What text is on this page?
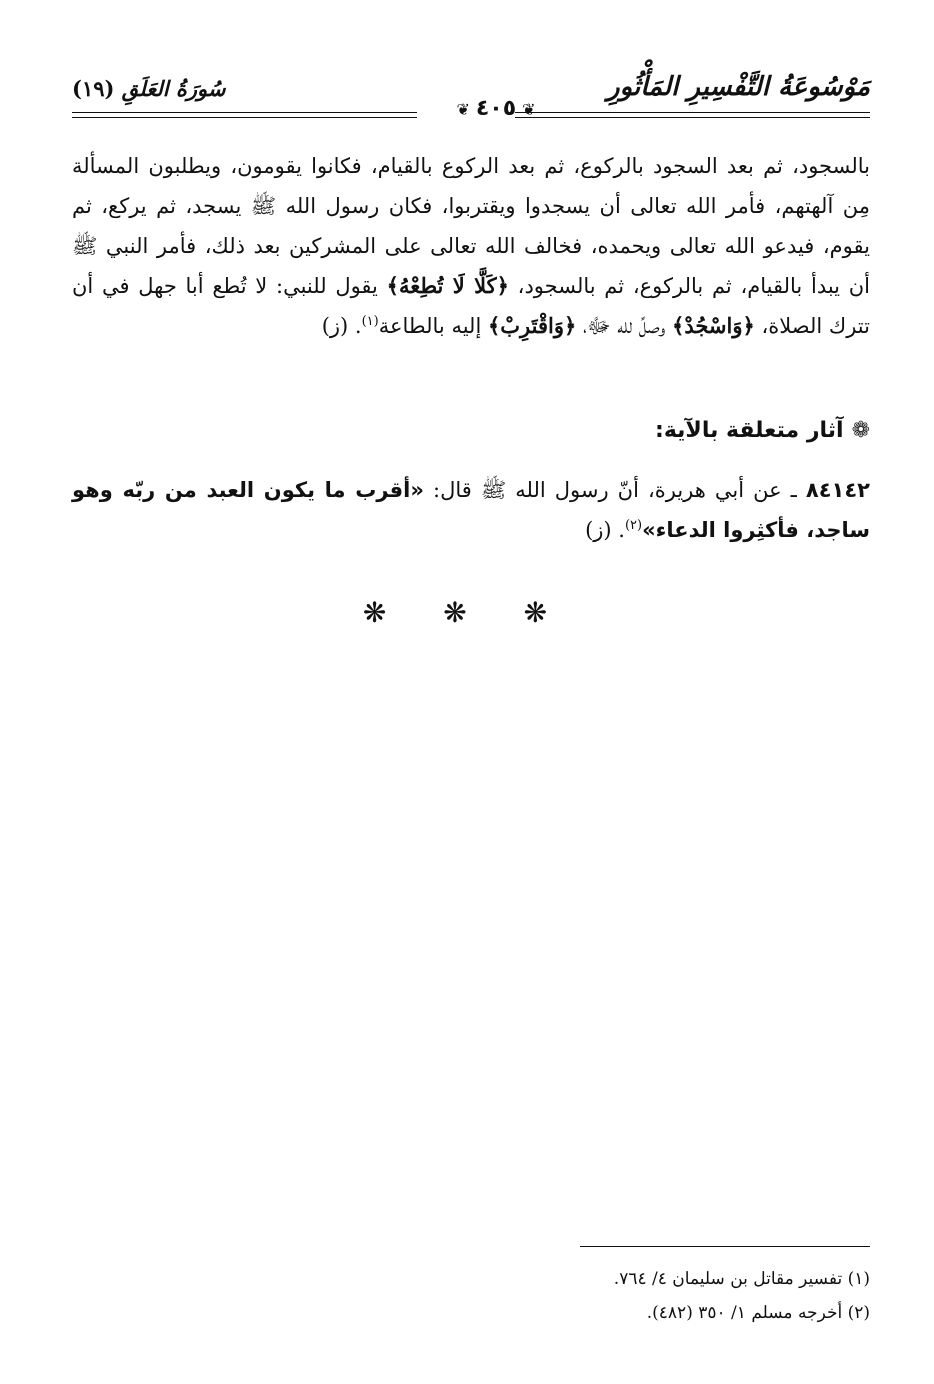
مَوْسُوعَةُ التَّفْسِيرِ المَأْثُورِ
سُورَةُ العَلَقِ (١٩)
❦٤٠٥❦

بالسجود، ثم بعد السجود بالركوع، ثم بعد الركوع بالقيام، فكانوا يقومون، ويطلبون المسألة مِن آلهتهم، فأمر الله تعالى أن يسجدوا ويقتربوا، فكان رسول الله ﷺ يسجد، ثم يركع، ثم يقوم، فيدعو الله تعالى ويحمده، فخالف الله تعالى على المشركين بعد ذلك، فأمر النبي ﷺ أن يبدأ بالقيام، ثم بالركوع، ثم بالسجود، ﴿كَلَّا لَا تُطِعْهُ﴾ يقول للنبي: لا تُطع أبا جهل في أن تترك الصلاة، ﴿وَاسْجُدْ﴾ وصلِّ لله ﷻ، ﴿وَاقْتَرِبْ﴾ إليه بالطاعة$^{(١)}$. (ز)

❁آثار متعلقة بالآية:
٨٤١٤٢ ـ عن أبي هريرة، أنّ رسول الله ﷺ قال: «أقرب ما يكون العبد من ربّه وهو ساجد، فأكثِروا الدعاء»$^{(٢)}$. (ز)
❋ ❋ ❋
(١) تفسير مقاتل بن سليمان ٤/ ٧٦٤.
(٢) أخرجه مسلم ١/ ٣٥٠ (٤٨٢).
